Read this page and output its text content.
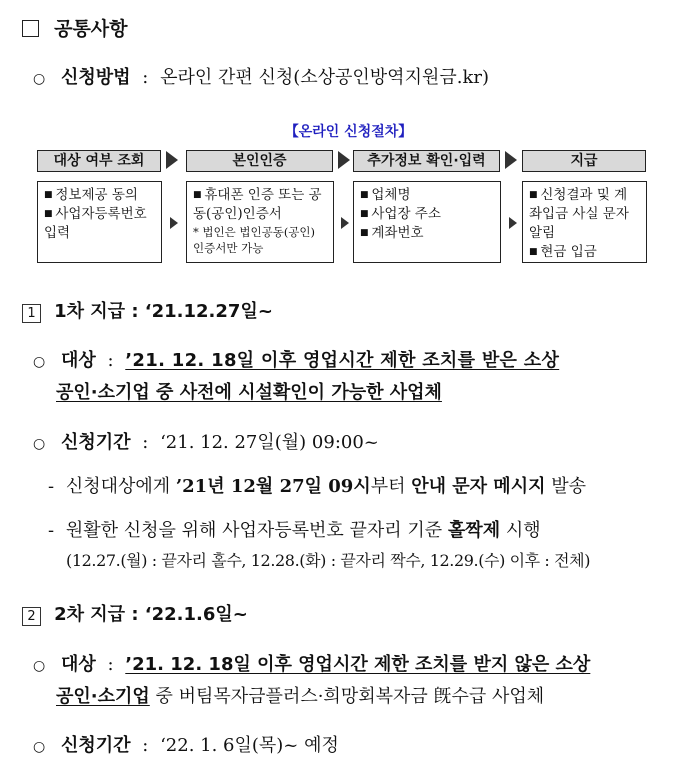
공통사항
○ 신청방법 : 온라인 간편 신청(소상공인방역지원금.kr)
【온라인 신청절차】
대상 여부 조회
■ 정보제공 동의
■ 사업자등록번호 입력
본인인증
■ 휴대폰 인증 또는 공동(공인)인증서
* 법인은 법인공동(공인) 인증서만 가능
추가정보 확인·입력
■ 업체명
■ 사업장 주소
■ 계좌번호
지급
■ 신청결과 및 계좌입금 사실 문자 알림
■ 현금 입금
1 1차 지급 : ‘21.12.27일~
○ 대상 : ’21. 12. 18일 이후 영업시간 제한 조치를 받은 소상
공인·소기업 중 사전에 시설확인이 가능한 사업체
○ 신청기간 : ‘21. 12. 27일(월) 09:00~
- 신청대상에게 ’21년 12월 27일 09시부터 안내 문자 메시지 발송
- 원활한 신청을 위해 사업자등록번호 끝자리 기준 홀짝제 시행
(12.27.(월) : 끝자리 홀수, 12.28.(화) : 끝자리 짝수, 12.29.(수) 이후 : 전체)
2 2차 지급 : ‘22.1.6일~
○ 대상 : ’21. 12. 18일 이후 영업시간 제한 조치를 받지 않은 소상
공인·소기업 중 버팀목자금플러스·희망회복자금 旣수급 사업체
○ 신청기간 : ‘22. 1. 6일(목)~ 예정
